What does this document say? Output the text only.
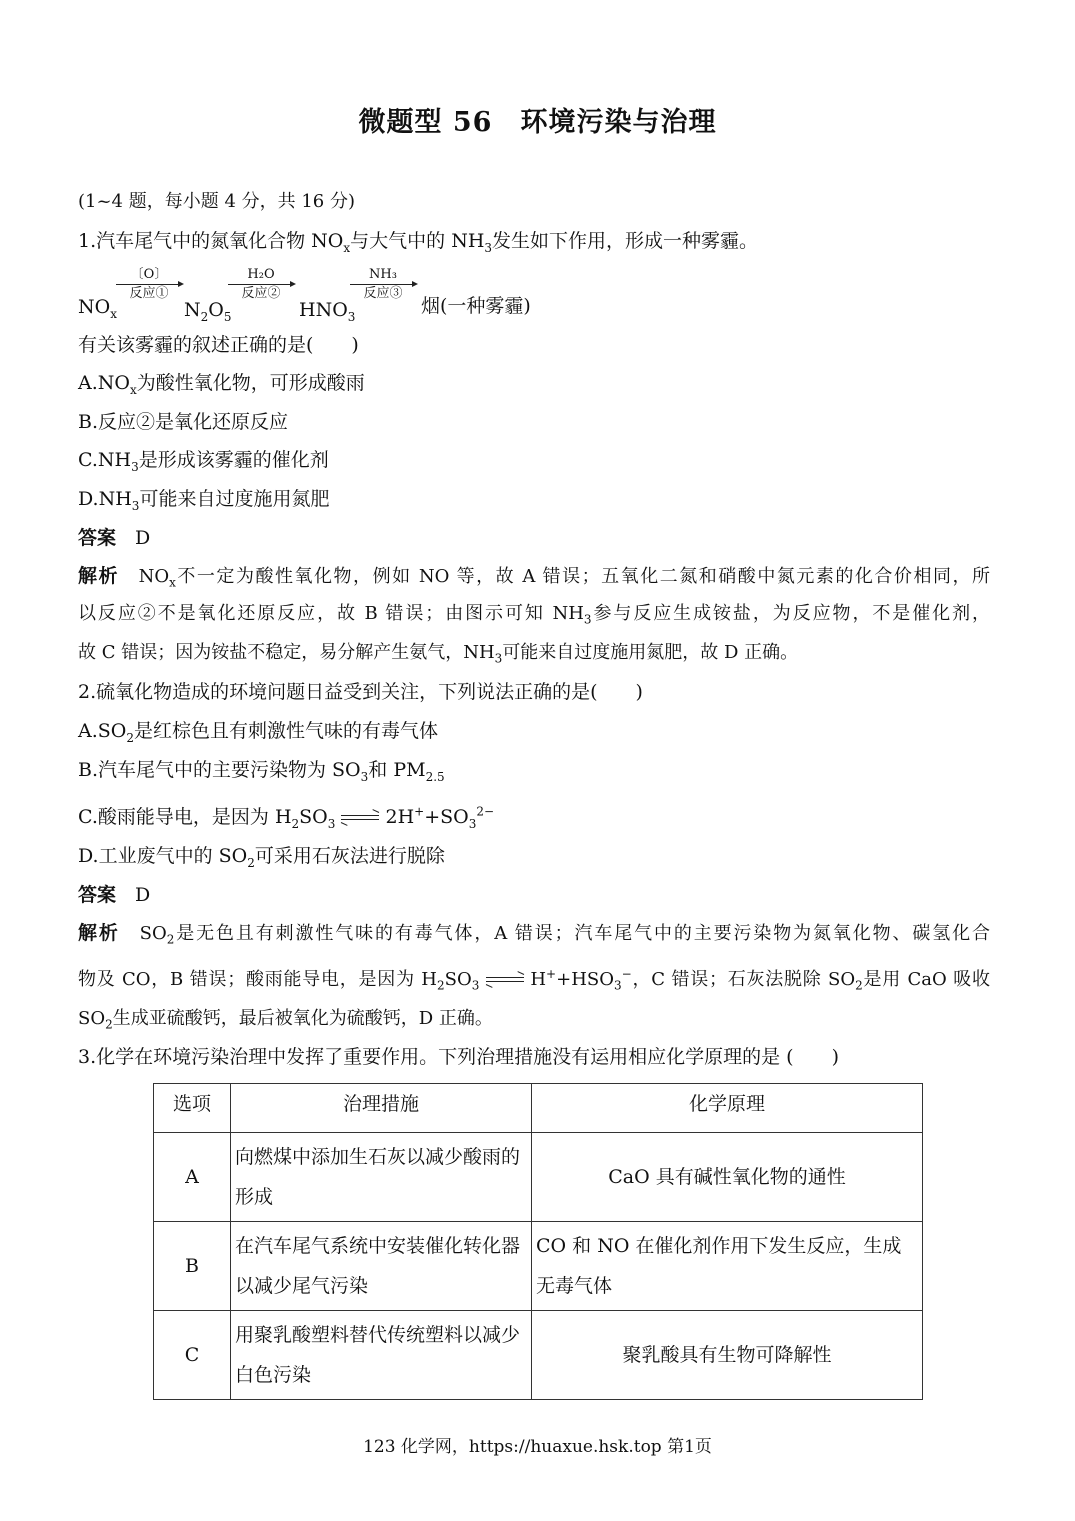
微题型 56　环境污染与治理
(1~4 题，每小题 4 分，共 16 分)
1.汽车尾气中的氮氧化合物 $NO_x$与大气中的 $NH_3$发生如下作用，形成一种雾霾。
$NO_x$
〔O〕
反应①
$N_2O_5$
H₂O
反应②
$HNO_3$
NH₃
反应③
烟(一种雾霾)
有关该雾霾的叙述正确的是(　　)
$A.NO_x$为酸性氧化物，可形成酸雨
B.反应②是氧化还原反应
$C.NH_3$是形成该雾霾的催化剂
$D.NH_3$可能来自过度施用氮肥
答案　 D
解析　 $NO_x$不一定为酸性氧化物，例如 NO 等，故 A 错误；五氧化二氮和硝酸中氮元素的化合价相同，所
以反应②不是氧化还原反应，故 B 错误；由图示可知 $NH_3$参与反应生成铵盐，为反应物，不是催化剂，
故 C 错误；因为铵盐不稳定，易分解产生氨气，$NH_3$可能来自过度施用氮肥，故 D 正确。
2.硫氧化物造成的环境问题日益受到关注，下列说法正确的是(　　)
$A.SO_2$是红棕色且有刺激性气味的有毒气体
B.汽车尾气中的主要污染物为 $SO_3$和 $PM_{2.5}$
C.酸雨能导电，是因为 $H_2SO_3$	$2H^++SO_3^{2-}$
D.工业废气中的 $SO_2$可采用石灰法进行脱除
答案　 D
解析　 $SO_2$是无色且有刺激性气味的有毒气体，A 错误；汽车尾气中的主要污染物为氮氧化物、碳氢化合
物及 CO，B 错误；酸雨能导电，是因为 $H_2SO_3$	$H^++HSO_3^-$，C 错误；石灰法脱除 $SO_2$是用 CaO 吸收
$SO_2$生成亚硫酸钙，最后被氧化为硫酸钙，D 正确。
3.化学在环境污染治理中发挥了重要作用。下列治理措施没有运用相应化学原理的是 (　　)
选项	治理措施	化学原理
A	向燃煤中添加生石灰以减少酸雨的形成	CaO 具有碱性氧化物的通性
B	在汽车尾气系统中安装催化转化器以减少尾气污染	CO 和 NO 在催化剂作用下发生反应，生成无毒气体
C	用聚乳酸塑料替代传统塑料以减少白色污染	聚乳酸具有生物可降解性
123 化学网，https://huaxue.hsk.top 第1页
